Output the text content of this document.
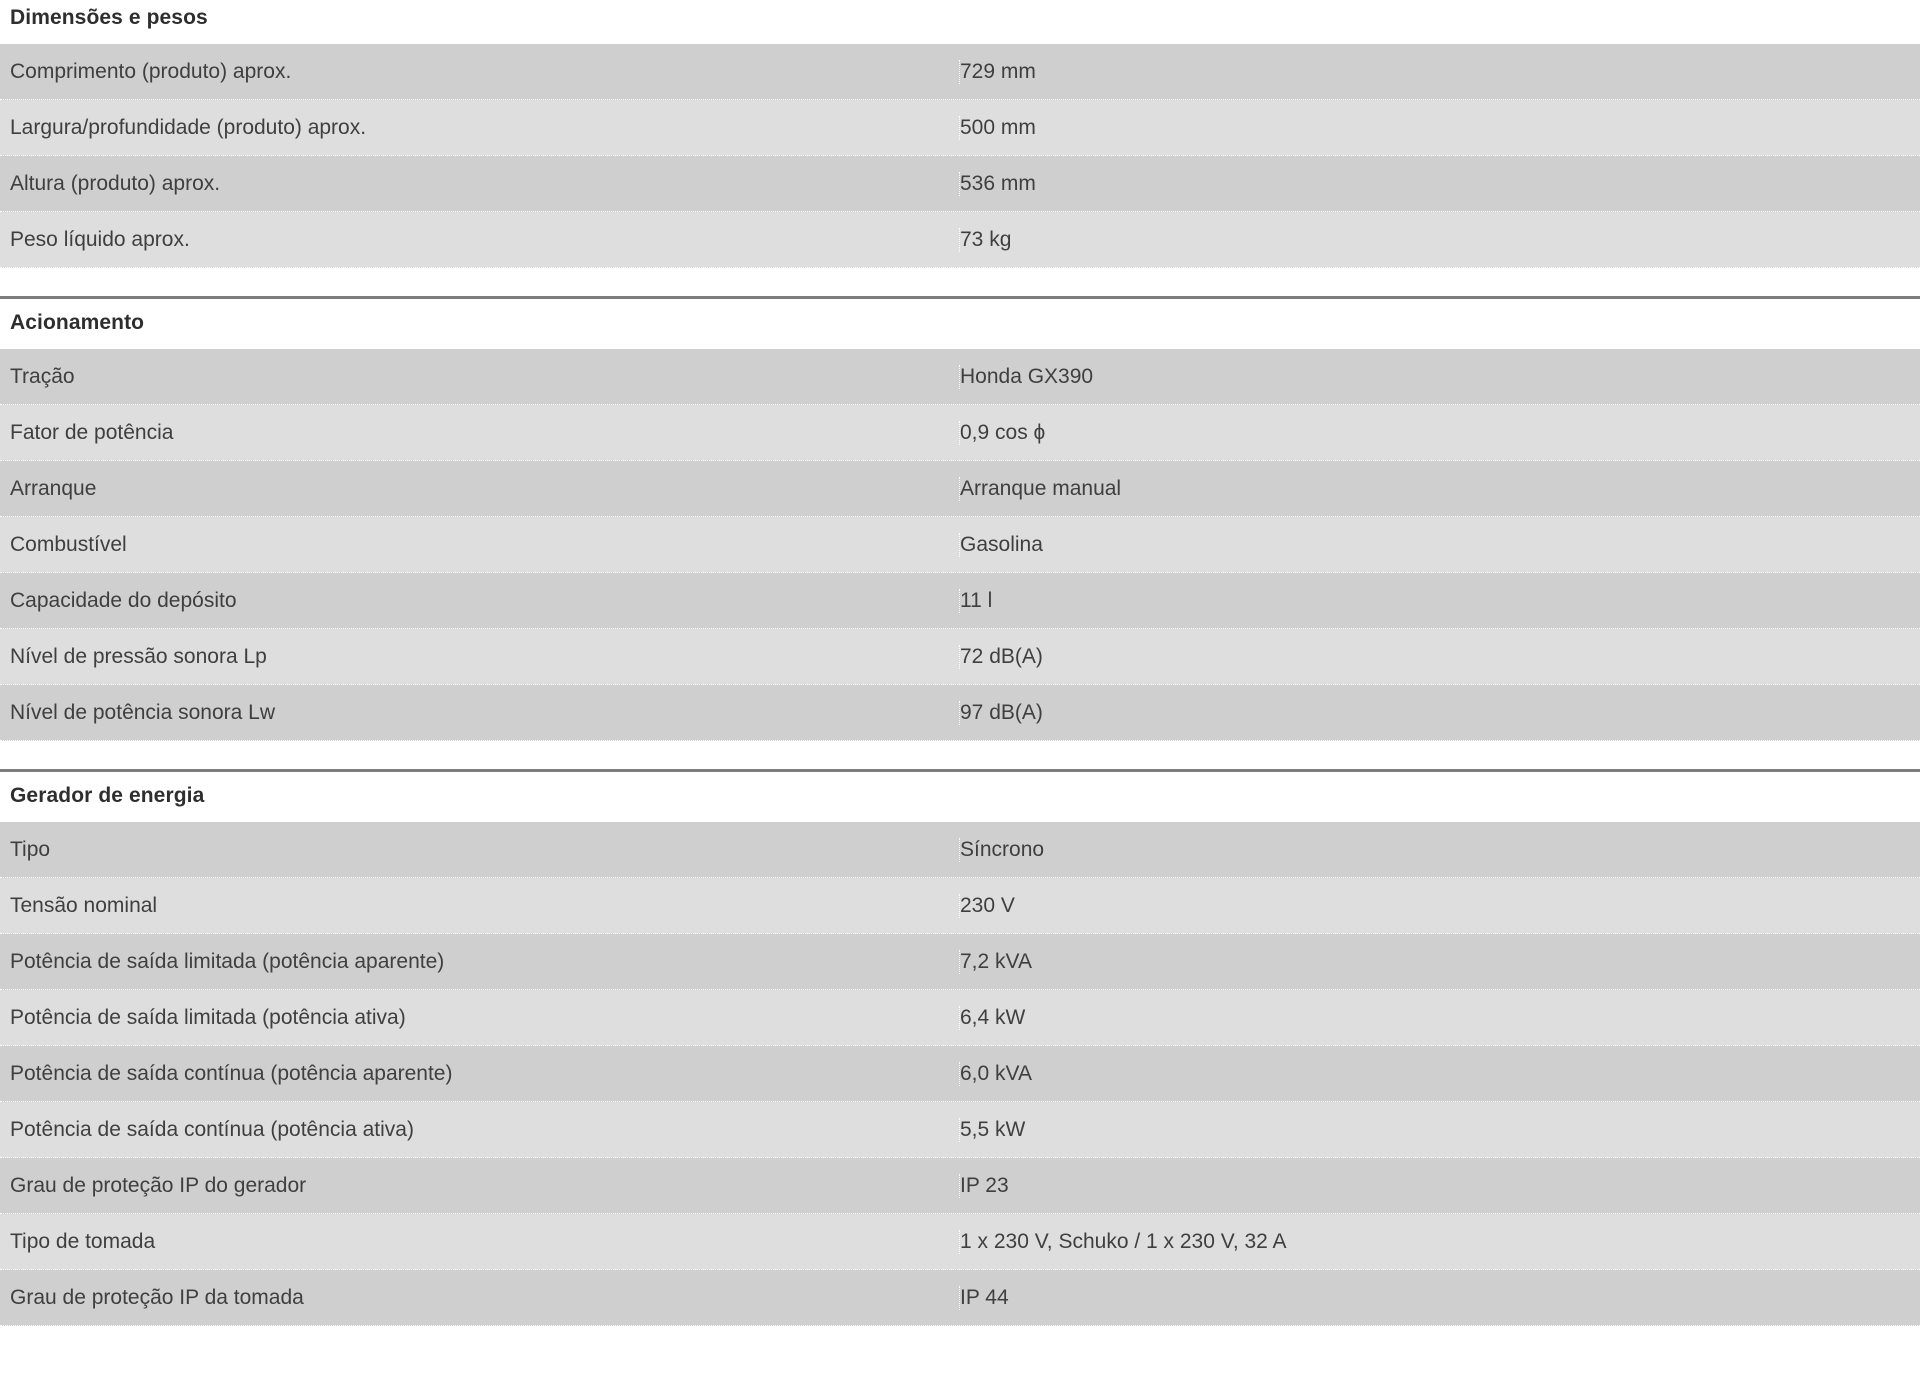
Dimensões e pesos
Comprimento (produto) aprox.	729 mm
Largura/profundidade (produto) aprox.	500 mm
Altura (produto) aprox.	536 mm
Peso líquido aprox.	73 kg
Acionamento
Tração	Honda GX390
Fator de potência	0,9 cos ϕ
Arranque	Arranque manual
Combustível	Gasolina
Capacidade do depósito	11 l
Nível de pressão sonora Lp	72 dB(A)
Nível de potência sonora Lw	97 dB(A)
Gerador de energia
Tipo	Síncrono
Tensão nominal	230 V
Potência de saída limitada (potência aparente)	7,2 kVA
Potência de saída limitada (potência ativa)	6,4 kW
Potência de saída contínua (potência aparente)	6,0 kVA
Potência de saída contínua (potência ativa)	5,5 kW
Grau de proteção IP do gerador	IP 23
Tipo de tomada	1 x 230 V, Schuko / 1 x 230 V, 32 A
Grau de proteção IP da tomada	IP 44
